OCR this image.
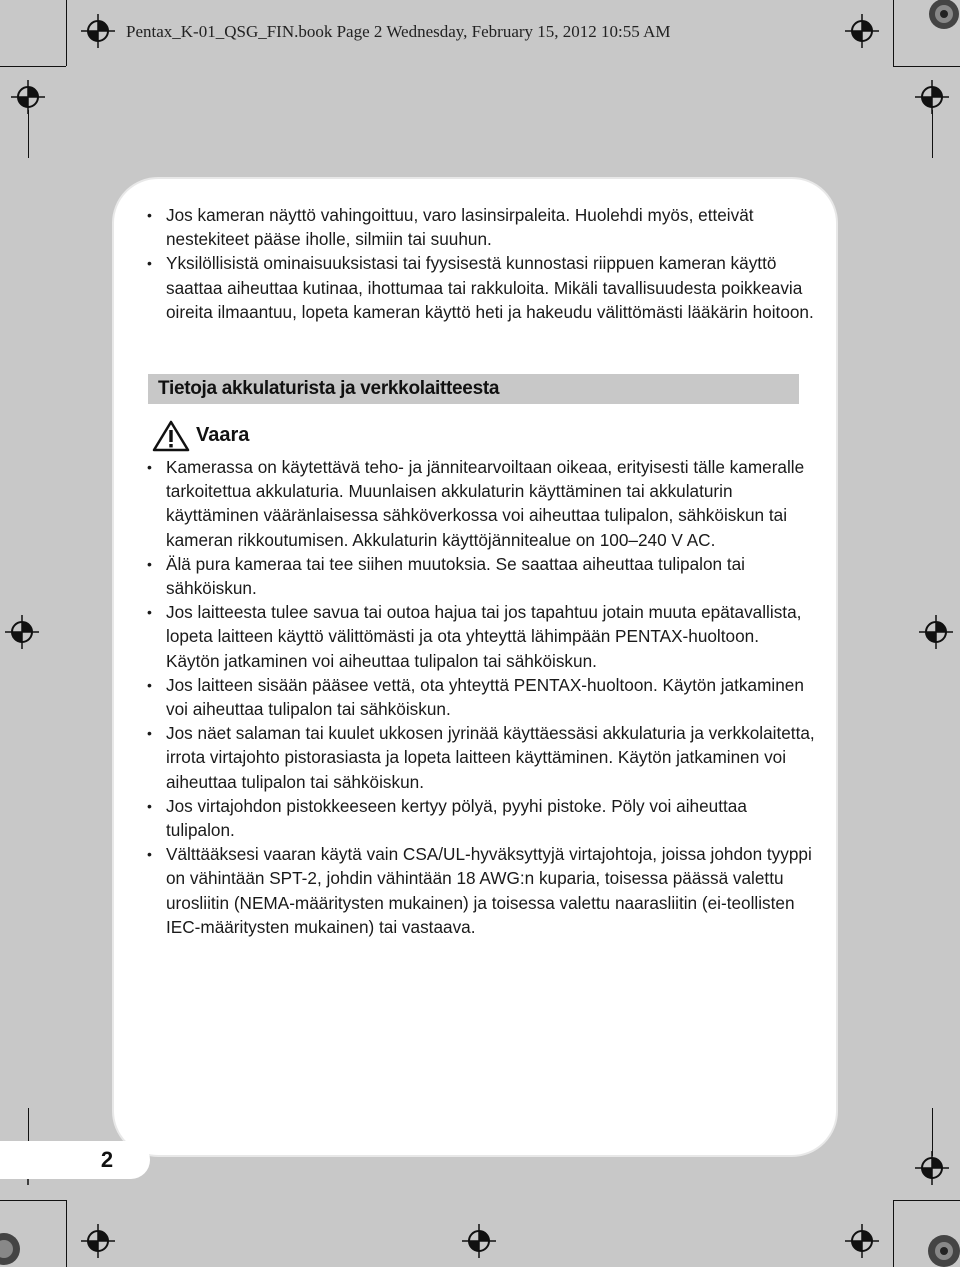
Pentax_K-01_QSG_FIN.book Page 2 Wednesday, February 15, 2012 10:55 AM
2
• Jos kameran näyttö vahingoittuu, varo lasinsirpaleita. Huolehdi myös, etteivät nestekiteet pääse iholle, silmiin tai suuhun.
• Yksilöllisistä ominaisuuksistasi tai fyysisestä kunnostasi riippuen kameran käyttö saattaa aiheuttaa kutinaa, ihottumaa tai rakkuloita. Mikäli tavallisuudesta poikkeavia oireita ilmaantuu, lopeta kameran käyttö heti ja hakeudu välittömästi lääkärin hoitoon.
Tietoja akkulaturista ja verkkolaitteesta
Vaara
• Kamerassa on käytettävä teho- ja jännitearvoiltaan oikeaa, erityisesti tälle kameralle tarkoitettua akkulaturia. Muunlaisen akkulaturin käyttäminen tai akkulaturin käyttäminen vääränlaisessa sähköverkossa voi aiheuttaa tulipalon, sähköiskun tai kameran rikkoutumisen. Akkulaturin käyttöjännitealue on 100–240 V AC.
• Älä pura kameraa tai tee siihen muutoksia. Se saattaa aiheuttaa tulipalon tai sähköiskun.
• Jos laitteesta tulee savua tai outoa hajua tai jos tapahtuu jotain muuta epätavallista, lopeta laitteen käyttö välittömästi ja ota yhteyttä lähimpään PENTAX-huoltoon. Käytön jatkaminen voi aiheuttaa tulipalon tai sähköiskun.
• Jos laitteen sisään pääsee vettä, ota yhteyttä PENTAX-huoltoon. Käytön jatkaminen voi aiheuttaa tulipalon tai sähköiskun.
• Jos näet salaman tai kuulet ukkosen jyrinää käyttäessäsi akkulaturia ja verkkolaitetta, irrota virtajohto pistorasiasta ja lopeta laitteen käyttäminen. Käytön jatkaminen voi aiheuttaa tulipalon tai sähköiskun.
• Jos virtajohdon pistokkeeseen kertyy pölyä, pyyhi pistoke. Pöly voi aiheuttaa tulipalon.
• Välttääksesi vaaran käytä vain CSA/UL-hyväksyttyjä virtajohtoja, joissa johdon tyyppi on vähintään SPT-2, johdin vähintään 18 AWG:n kuparia, toisessa päässä valettu urosliitin (NEMA-määritysten mukainen) ja toisessa valettu naarasliitin (ei-teollisten IEC-määritysten mukainen) tai vastaava.
